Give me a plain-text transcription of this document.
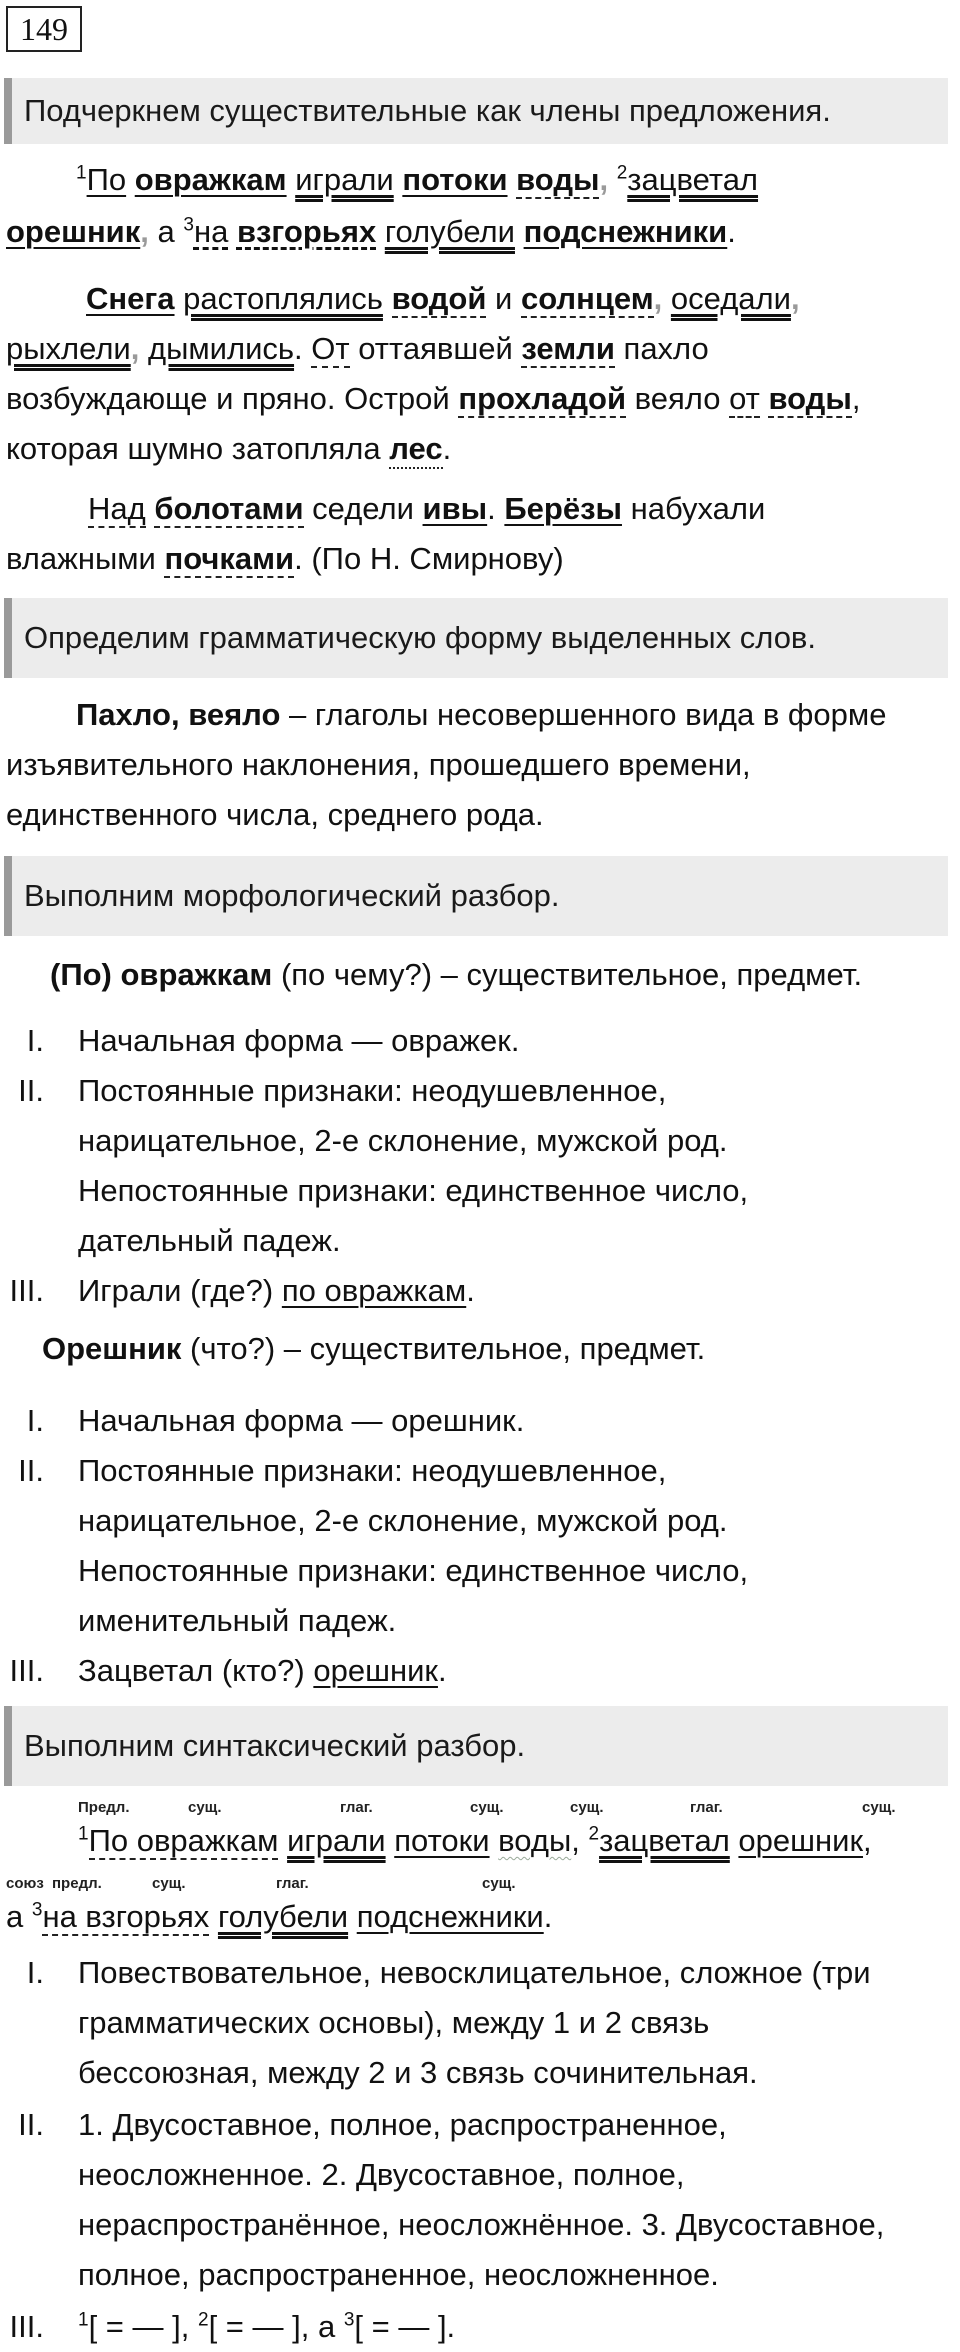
149
Подчеркнем существительные как члены предложения.
$^1$По овражкам играли потоки воды, $^2$зацветал
орешник, а $^3$на взгорьях голубели подснежники.
Снега растоплялись водой и солнцем, оседали,
рыхлели, дымились. От оттаявшей земли пахло
возбуждающе и пряно. Острой прохладой веяло от воды,
которая шумно затопляла лес.
Над болотами седели ивы. Берёзы набухали
влажными почками. (По Н. Смирнову)
Определим грамматическую форму выделенных слов.
Пахло, веяло – глаголы несовершенного вида в форме
изъявительного наклонения, прошедшего времени,
единственного числа, среднего рода.
Выполним морфологический разбор.
(По) овражкам (по чему?) – существительное, предмет.
I. Начальная форма — овражек.
II. Постоянные признаки: неодушевленное,
нарицательное, 2-е склонение, мужской род.
Непостоянные признаки: единственное число,
дательный падеж.
III. Играли (где?) по овражкам.
Орешник (что?) – существительное, предмет.
I. Начальная форма — орешник.
II. Постоянные признаки: неодушевленное,
нарицательное, 2-е склонение, мужской род.
Непостоянные признаки: единственное число,
именительный падеж.
III. Зацветал (кто?) орешник.
Выполним синтаксический разбор.
Предл.	сущ.	глаг.	сущ.	сущ.	глаг.	сущ.
$^1$По овражкам играли потоки воды, $^2$зацветал орешник,
союз предл.	сущ.	глаг.	сущ.
а $^3$на взгорьях голубели подснежники.
I. Повествовательное, невосклицательное, сложное (три
грамматических основы), между 1 и 2 связь
бессоюзная, между 2 и 3 связь сочинительная.
II. 1. Двусоставное, полное, распространенное,
неосложненное. 2. Двусоставное, полное,
нераспространённое, неосложнённое. 3. Двусоставное,
полное, распространенное, неосложненное.
III. $^1$[ = — ], $^2$[ = — ], а $^3$[ = — ].
